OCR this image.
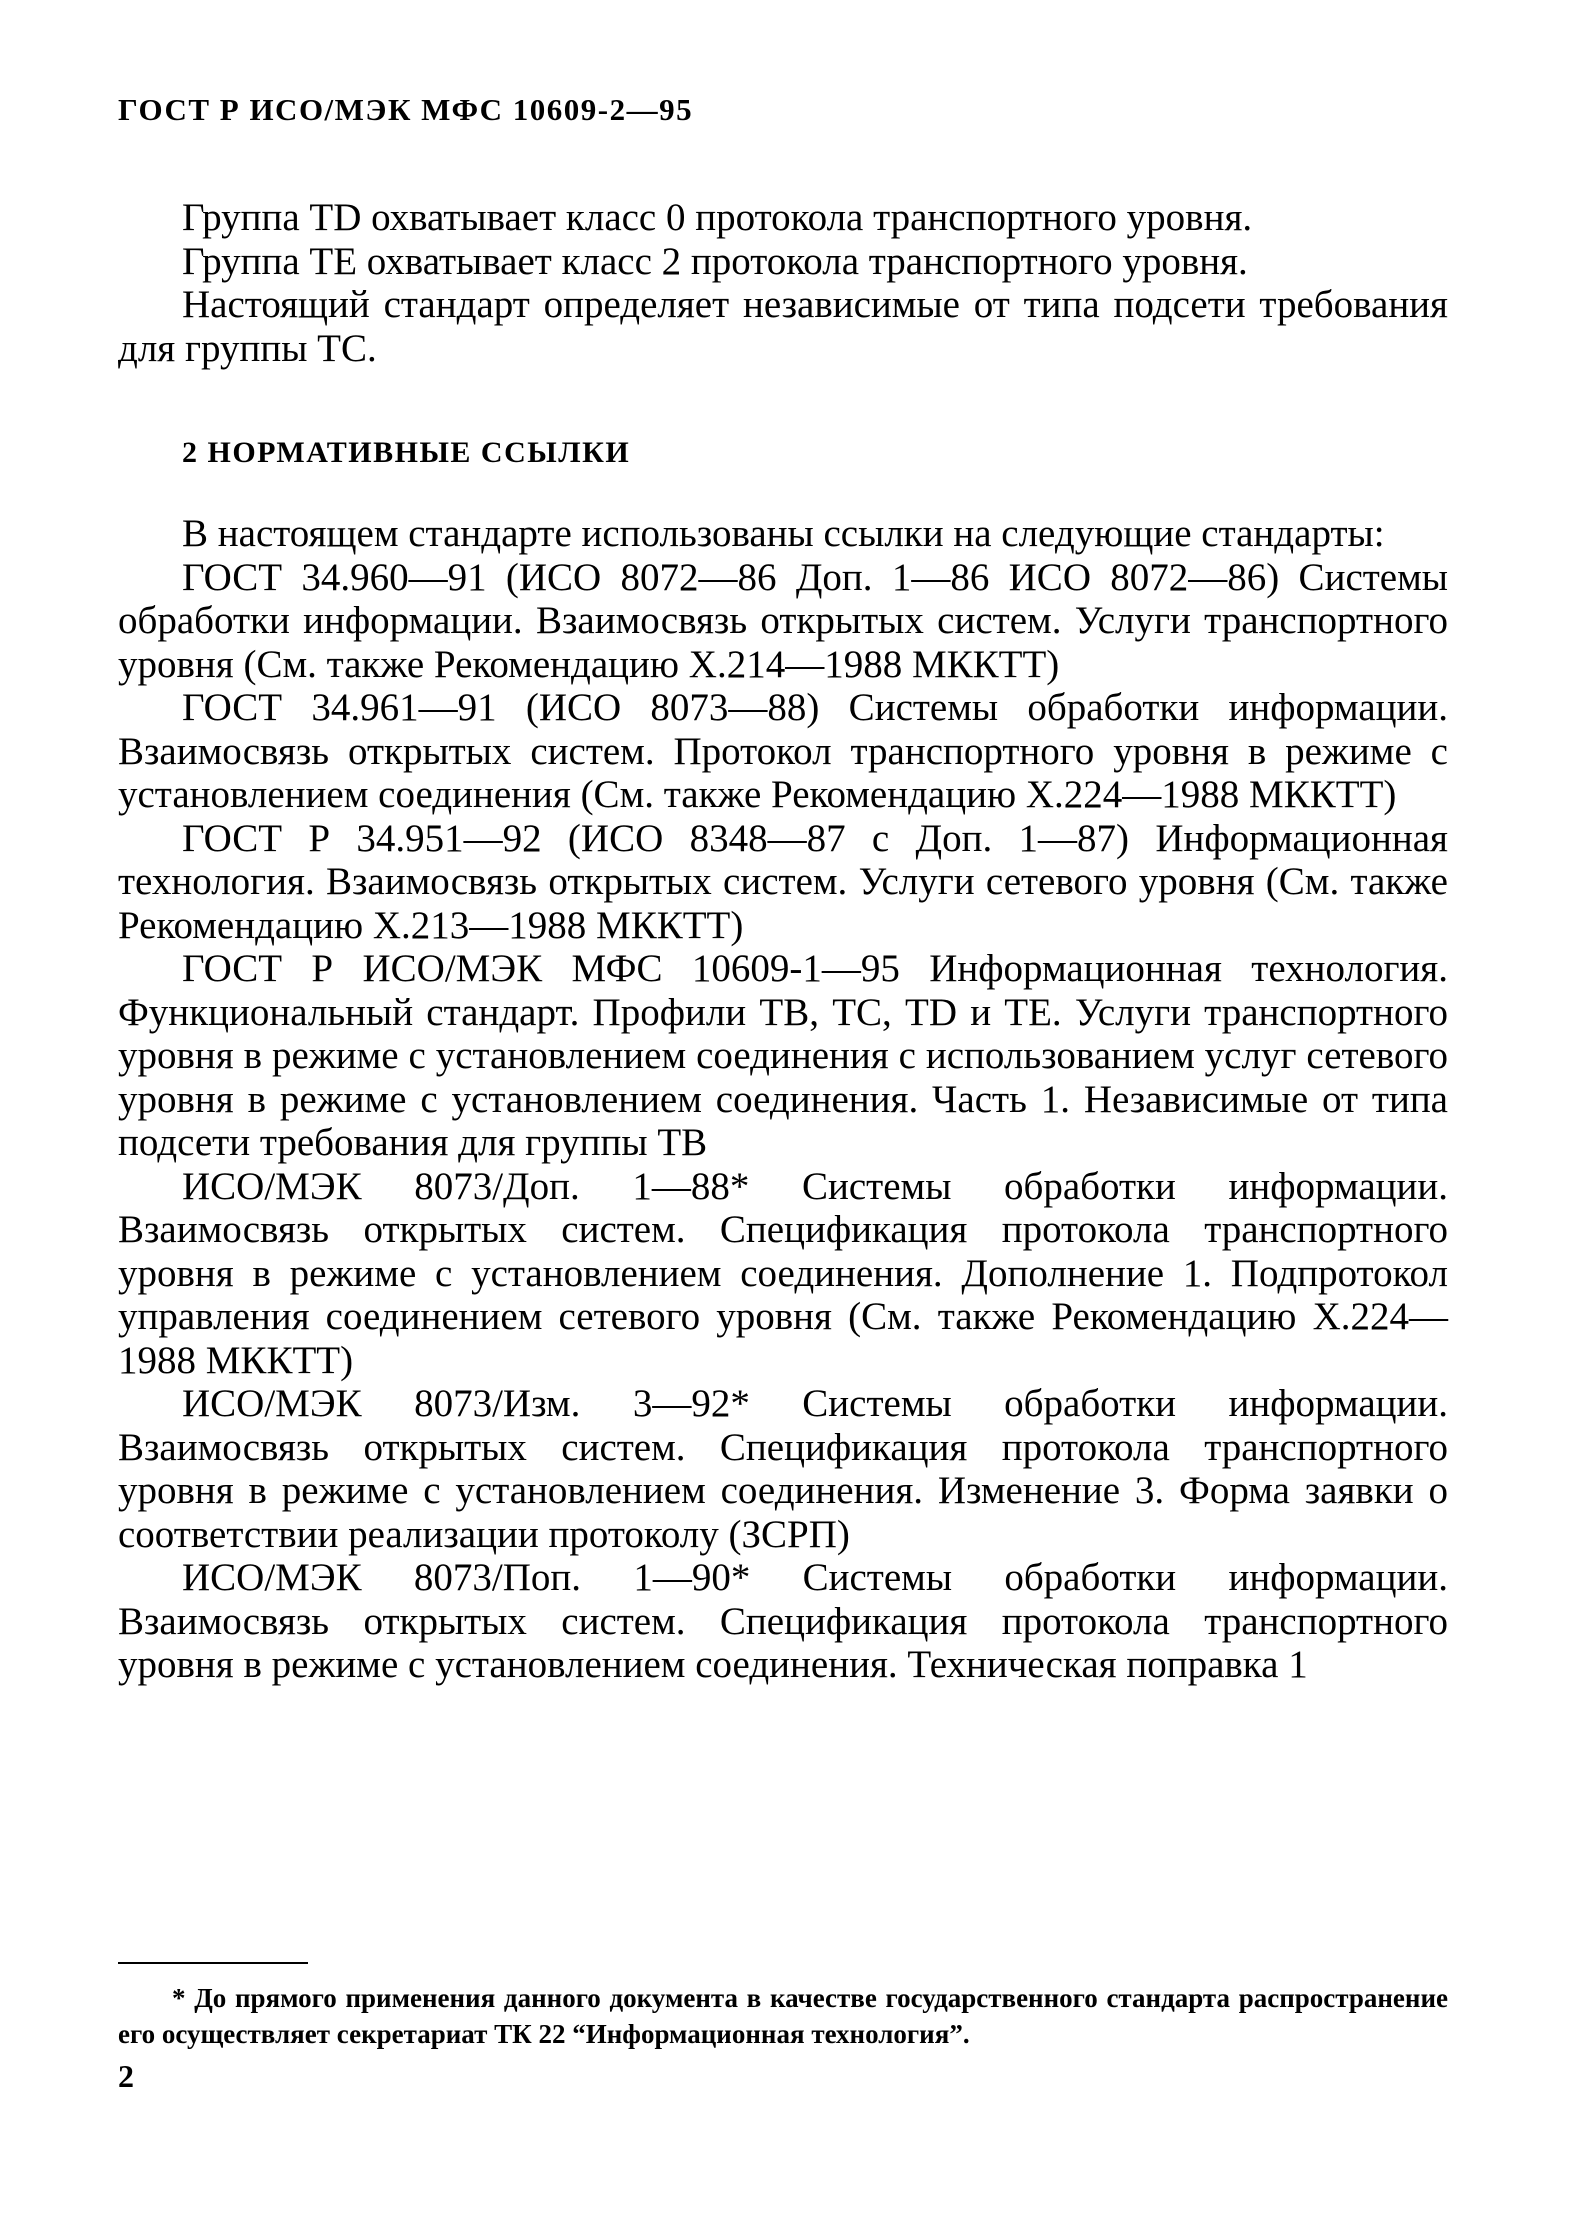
ГОСТ Р ИСО/МЭК МФС 10609-2—95

Группа TD охватывает класс 0 протокола транспортного уровня.

Группа ТЕ охватывает класс 2 протокола транспортного уровня.

Настоящий стандарт определяет независимые от типа подсети требования для группы ТС.

2 НОРМАТИВНЫЕ ССЫЛКИ

В настоящем стандарте использованы ссылки на следующие стандарты:

ГОСТ 34.960—91 (ИСО 8072—86 Доп. 1—86 ИСО 8072—86) Системы обработки информации. Взаимосвязь открытых систем. Услуги транспортного уровня (См. также Рекомендацию Х.214—1988 МККТТ)

ГОСТ 34.961—91 (ИСО 8073—88) Системы обработки информации. Взаимосвязь открытых систем. Протокол транспортного уровня в режиме с установлением соединения (См. также Рекомендацию Х.224—1988 МККТТ)

ГОСТ Р 34.951—92 (ИСО 8348—87 с Доп. 1—87) Информационная технология. Взаимосвязь открытых систем. Услуги сетевого уровня (См. также Рекомендацию Х.213—1988 МККТТ)

ГОСТ Р ИСО/МЭК МФС 10609-1—95 Информационная технология. Функциональный стандарт. Профили ТВ, ТС, TD и ТЕ. Услуги транспортного уровня в режиме с установлением соединения с использованием услуг сетевого уровня в режиме с установлением соединения. Часть 1. Независимые от типа подсети требования для группы ТВ

ИСО/МЭК 8073/Доп. 1—88* Системы обработки информации. Взаимосвязь открытых систем. Спецификация протокола транспортного уровня в режиме с установлением соединения. Дополнение 1. Подпротокол управления соединением сетевого уровня (См. также Рекомендацию Х.224—1988 МККТТ)

ИСО/МЭК 8073/Изм. 3—92* Системы обработки информации. Взаимосвязь открытых систем. Спецификация протокола транспортного уровня в режиме с установлением соединения. Изменение 3. Форма заявки о соответствии реализации протоколу (ЗСРП)

ИСО/МЭК 8073/Поп. 1—90* Системы обработки информации. Взаимосвязь открытых систем. Спецификация протокола транспортного уровня в режиме с установлением соединения. Техническая поправка 1

* До прямого применения данного документа в качестве государственного стандарта распространение его осуществляет секретариат ТК 22 “Информационная технология”.
2
